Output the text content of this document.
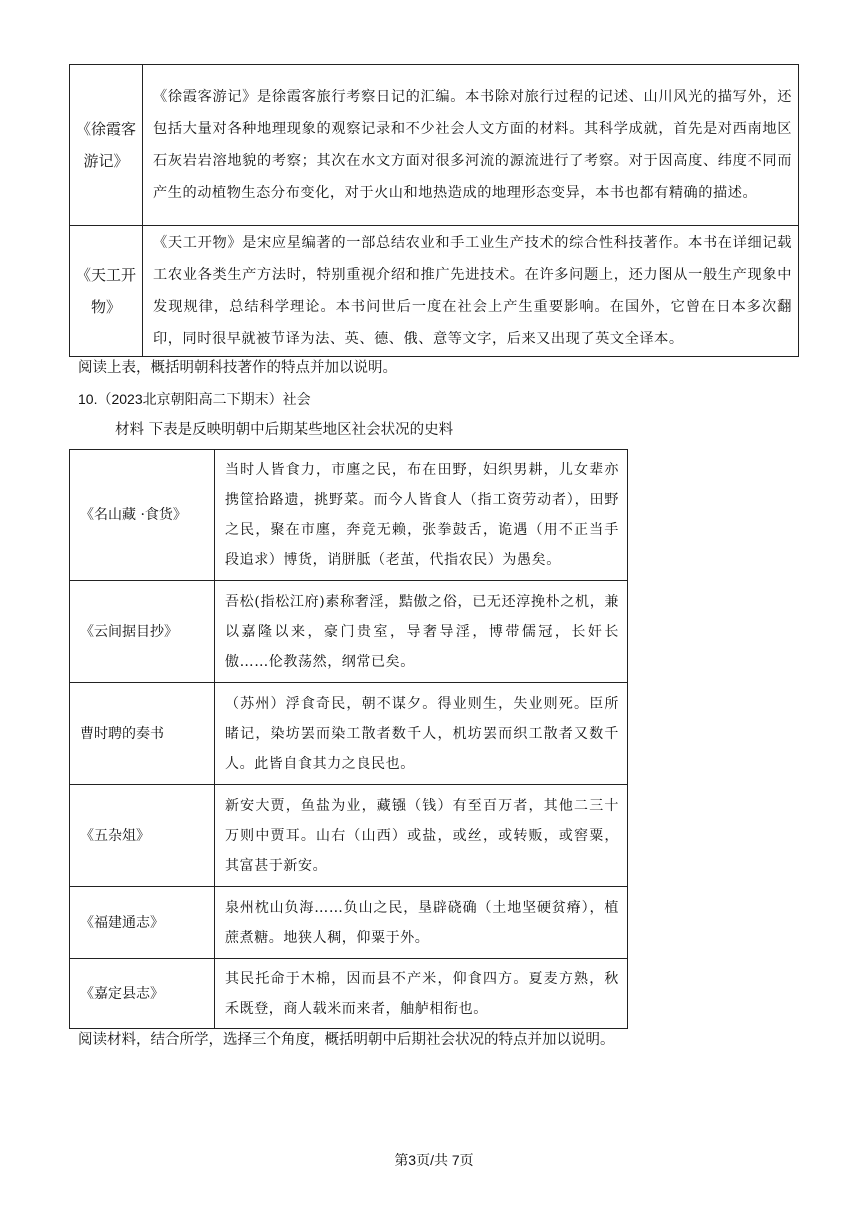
《徐霞客游记》	《徐霞客游记》是徐霞客旅行考察日记的汇编。本书除对旅行过程的记述、山川风光的描写外，还包括大量对各种地理现象的观察记录和不少社会人文方面的材料。其科学成就，首先是对西南地区石灰岩岩溶地貌的考察；其次在水文方面对很多河流的源流进行了考察。对于因高度、纬度不同而产生的动植物生态分布变化，对于火山和地热造成的地理形态变异，本书也都有精确的描述。
《天工开物》	《天工开物》是宋应星编著的一部总结农业和手工业生产技术的综合性科技著作。本书在详细记载工农业各类生产方法时，特别重视介绍和推广先进技术。在许多问题上，还力图从一般生产现象中发现规律，总结科学理论。本书问世后一度在社会上产生重要影响。在国外，它曾在日本多次翻印，同时很早就被节译为法、英、德、俄、意等文字，后来又出现了英文全译本。
阅读上表，概括明朝科技著作的特点并加以说明。
10.（2023北京朝阳高二下期末）社会
材料 下表是反映明朝中后期某些地区社会状况的史料
《名山藏 ·食货》	当时人皆食力，市廛之民，布在田野，妇织男耕，儿女辈亦携筐拾路遗，挑野菜。而今人皆食人（指工资劳动者），田野之民，聚在市廛，奔竞无赖，张拳鼓舌，诡遇（用不正当手段追求）博货，诮胼胝（老茧，代指农民）为愚矣。
《云间据目抄》	吾松(指松江府)素称奢淫，黠傲之俗，已无还淳挽朴之机，兼以嘉隆以来，豪门贵室，导奢导淫，博带儒冠，长奸长傲……伦教荡然，纲常已矣。
曹时聘的奏书	（苏州）浮食奇民，朝不谋夕。得业则生，失业则死。臣所睹记，染坊罢而染工散者数千人，机坊罢而织工散者又数千人。此皆自食其力之良民也。
《五杂俎》	新安大贾，鱼盐为业，藏镪（钱）有至百万者，其他二三十万则中贾耳。山右（山西）或盐，或丝，或转贩，或窖粟，其富甚于新安。
《福建通志》	泉州枕山负海……负山之民，垦辟硗确（土地坚硬贫瘠），植蔗煮糖。地狭人稠，仰粟于外。
《嘉定县志》	其民托命于木棉，因而县不产米，仰食四方。夏麦方熟，秋禾既登，商人载米而来者，舳舻相衔也。
阅读材料，结合所学，选择三个角度，概括明朝中后期社会状况的特点并加以说明。
第3页/共 7页
